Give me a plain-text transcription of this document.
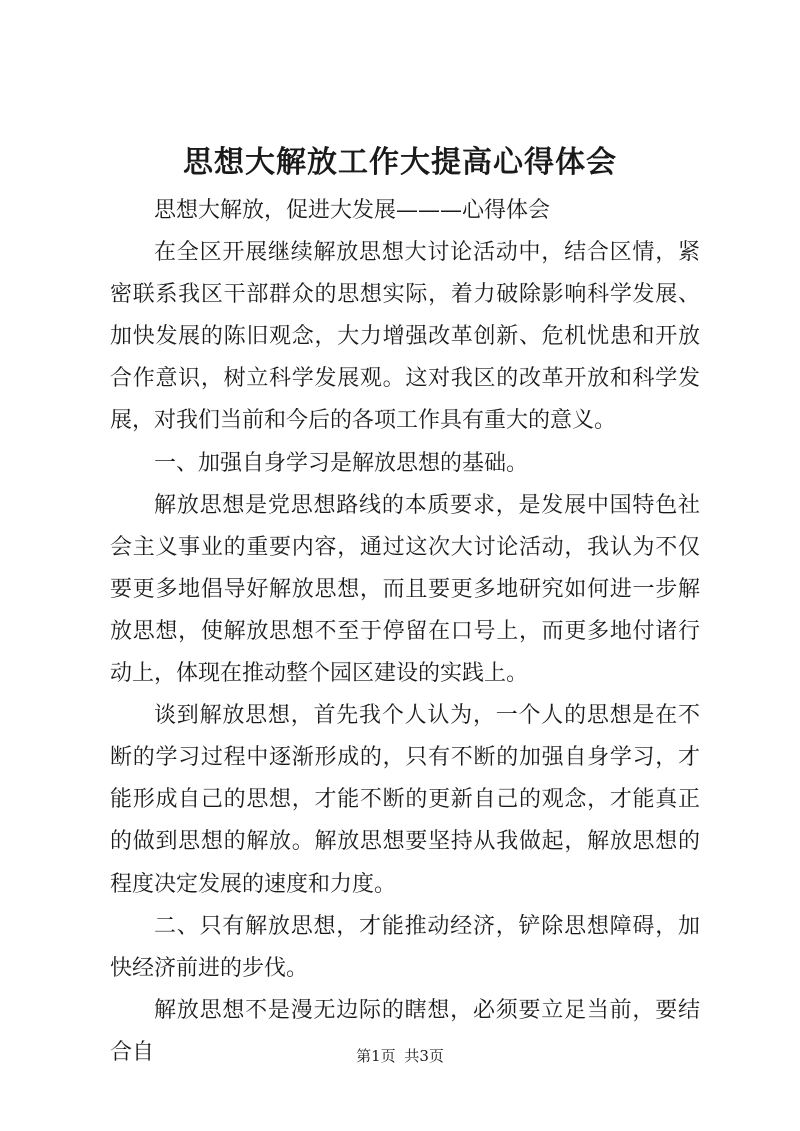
思想大解放工作大提高心得体会

思想大解放，促进大发展———心得体会

在全区开展继续解放思想大讨论活动中，结合区情，紧密联系我区干部群众的思想实际，着力破除影响科学发展、加快发展的陈旧观念，大力增强改革创新、危机忧患和开放合作意识，树立科学发展观。这对我区的改革开放和科学发展，对我们当前和今后的各项工作具有重大的意义。

一、加强自身学习是解放思想的基础。

解放思想是党思想路线的本质要求，是发展中国特色社会主义事业的重要内容，通过这次大讨论活动，我认为不仅要更多地倡导好解放思想，而且要更多地研究如何进一步解放思想，使解放思想不至于停留在口号上，而更多地付诸行动上，体现在推动整个园区建设的实践上。

谈到解放思想，首先我个人认为，一个人的思想是在不断的学习过程中逐渐形成的，只有不断的加强自身学习，才能形成自己的思想，才能不断的更新自己的观念，才能真正的做到思想的解放。解放思想要坚持从我做起，解放思想的程度决定发展的速度和力度。

二、只有解放思想，才能推动经济，铲除思想障碍，加快经济前进的步伐。

解放思想不是漫无边际的瞎想，必须要立足当前，要结合自	第1页 共3页
